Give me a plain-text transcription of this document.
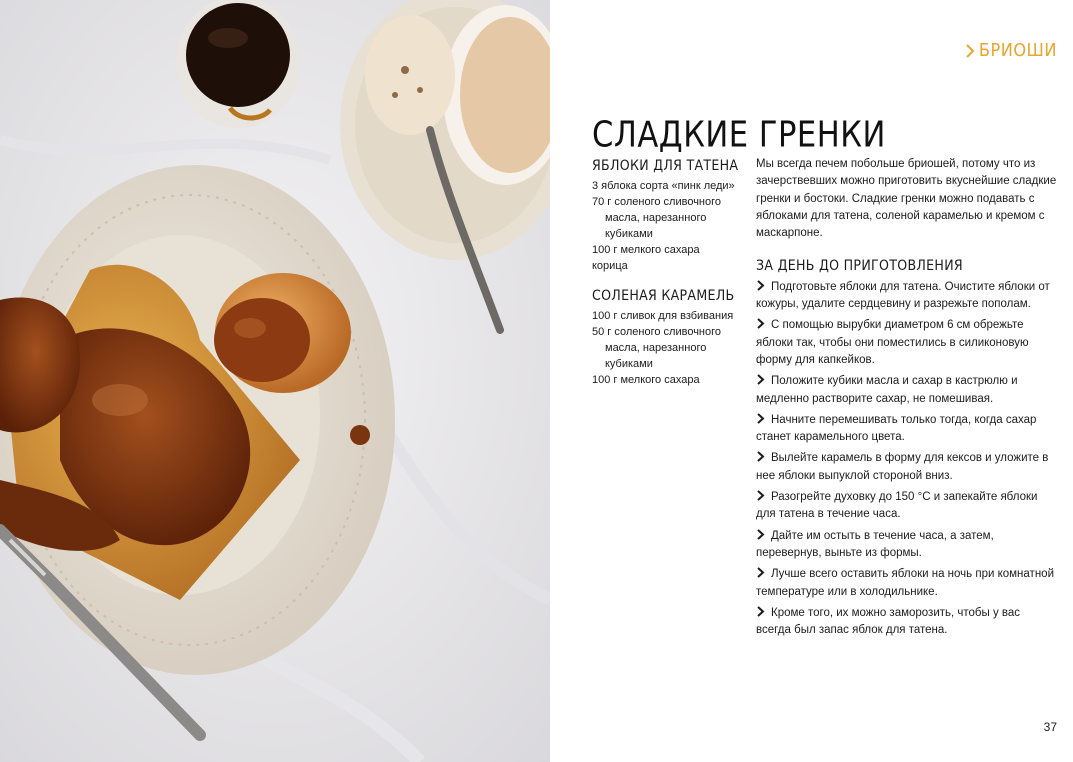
БРИОШИ
СЛАДКИЕ ГРЕНКИ
ЯБЛОКИ ДЛЯ ТАТЕНА
3 яблока сорта «пинк леди»
70 г соленого сливочного масла, нарезанного кубиками
100 г мелкого сахара
корица
СОЛЕНАЯ КАРАМЕЛЬ
100 г сливок для взбивания
50 г соленого сливочного масла, нарезанного кубиками
100 г мелкого сахара

Мы всегда печем побольше бриошей, потому что из зачерствевших можно приготовить вкуснейшие сладкие гренки и бостоки. Сладкие гренки можно подавать с яблоками для татена, соленой карамелью и кремом с маскарпоне.

ЗА ДЕНЬ ДО ПРИГОТОВЛЕНИЯ
Подготовьте яблоки для татена. Очистите яблоки от кожуры, удалите сердцевину и разрежьте пополам.
С помощью вырубки диаметром 6 см обрежьте яблоки так, чтобы они поместились в силиконовую форму для капкейков.
Положите кубики масла и сахар в кастрюлю и медленно растворите сахар, не помешивая.
Начните перемешивать только тогда, когда сахар станет карамельного цвета.
Вылейте карамель в форму для кексов и уложите в нее яблоки выпуклой стороной вниз.
Разогрейте духовку до 150 °С и запекайте яблоки для татена в течение часа.
Дайте им остыть в течение часа, а затем, перевернув, выньте из формы.
Лучше всего оставить яблоки на ночь при комнатной температуре или в холодильнике.
Кроме того, их можно заморозить, чтобы у вас всегда был запас яблок для татена.
37
